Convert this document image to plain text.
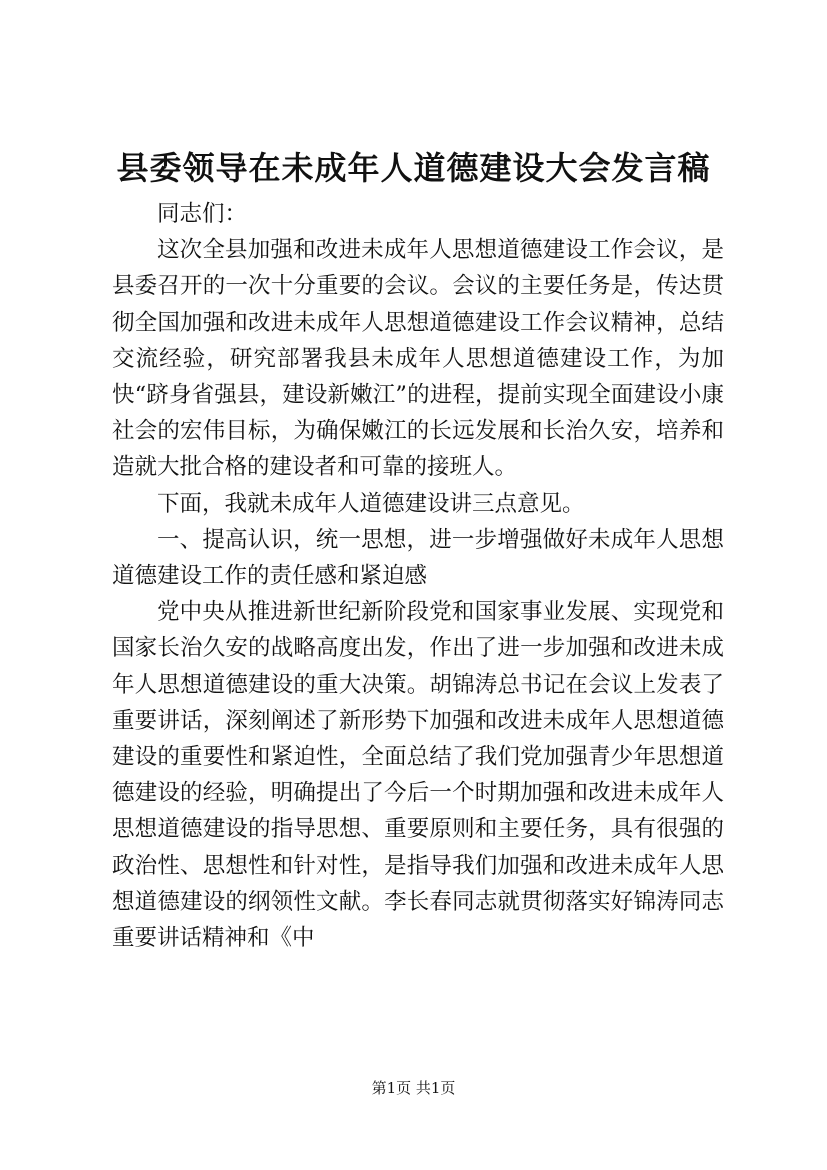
县委领导在未成年人道德建设大会发言稿

同志们：

这次全县加强和改进未成年人思想道德建设工作会议，是县委召开的一次十分重要的会议。会议的主要任务是，传达贯彻全国加强和改进未成年人思想道德建设工作会议精神，总结交流经验，研究部署我县未成年人思想道德建设工作，为加快“跻身省强县，建设新嫩江”的进程，提前实现全面建设小康社会的宏伟目标，为确保嫩江的长远发展和长治久安，培养和造就大批合格的建设者和可靠的接班人。

下面，我就未成年人道德建设讲三点意见。

一、提高认识，统一思想，进一步增强做好未成年人思想道德建设工作的责任感和紧迫感

党中央从推进新世纪新阶段党和国家事业发展、实现党和国家长治久安的战略高度出发，作出了进一步加强和改进未成年人思想道德建设的重大决策。胡锦涛总书记在会议上发表了重要讲话，深刻阐述了新形势下加强和改进未成年人思想道德建设的重要性和紧迫性，全面总结了我们党加强青少年思想道德建设的经验，明确提出了今后一个时期加强和改进未成年人思想道德建设的指导思想、重要原则和主要任务，具有很强的政治性、思想性和针对性，是指导我们加强和改进未成年人思想道德建设的纲领性文献。李长春同志就贯彻落实好锦涛同志重要讲话精神和《中

第1页 共1页
